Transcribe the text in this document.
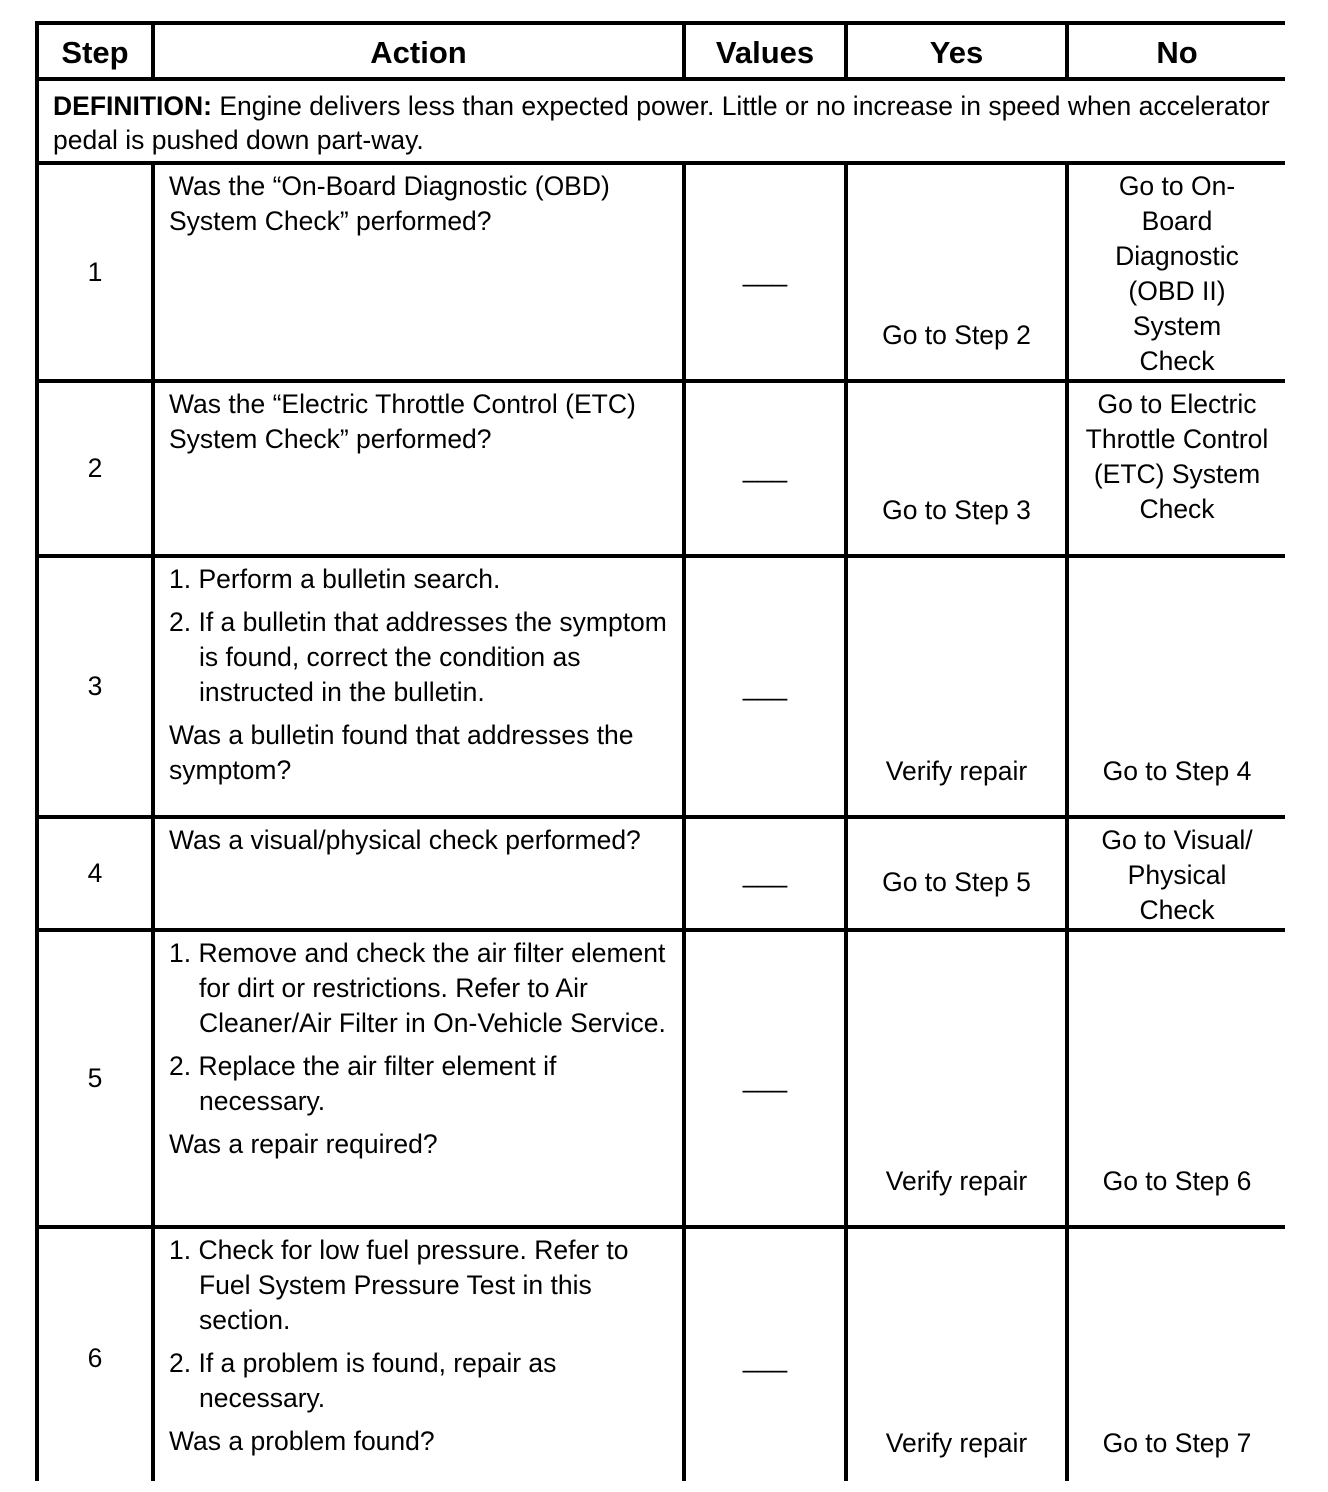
Step	Action	Values	Yes	No
DEFINITION: Engine delivers less than expected power. Little or no increase in speed when accelerator pedal is pushed down part-way.				
1	Was the “On-Board Diagnostic (OBD) System Check” performed?	___	Go to Step 2	Go to On-Board Diagnostic (OBD II) System Check

2	Was the “Electric Throttle Control (ETC) System Check” performed?	___	Go to Step 3	Go to Electric Throttle Control (ETC) System Check
3	1. Perform a bulletin search.

2. If a bulletin that addresses the symptom is found, correct the condition as instructed in the bulletin.

Was a bulletin found that addresses the symptom?	___	Verify repair	Go to Step 4
4	Was a visual/physical check performed?	___	Go to Step 5	Go to Visual/ Physical Check

5	1. Remove and check the air filter element for dirt or restrictions. Refer to Air Cleaner/Air Filter in On-Vehicle Service.

2. Replace the air filter element if necessary.

Was a repair required?	___	Verify repair	Go to Step 6
6	1. Check for low fuel pressure. Refer to Fuel System Pressure Test in this section.

2. If a problem is found, repair as necessary.

Was a problem found?	___	Verify repair	Go to Step 7
